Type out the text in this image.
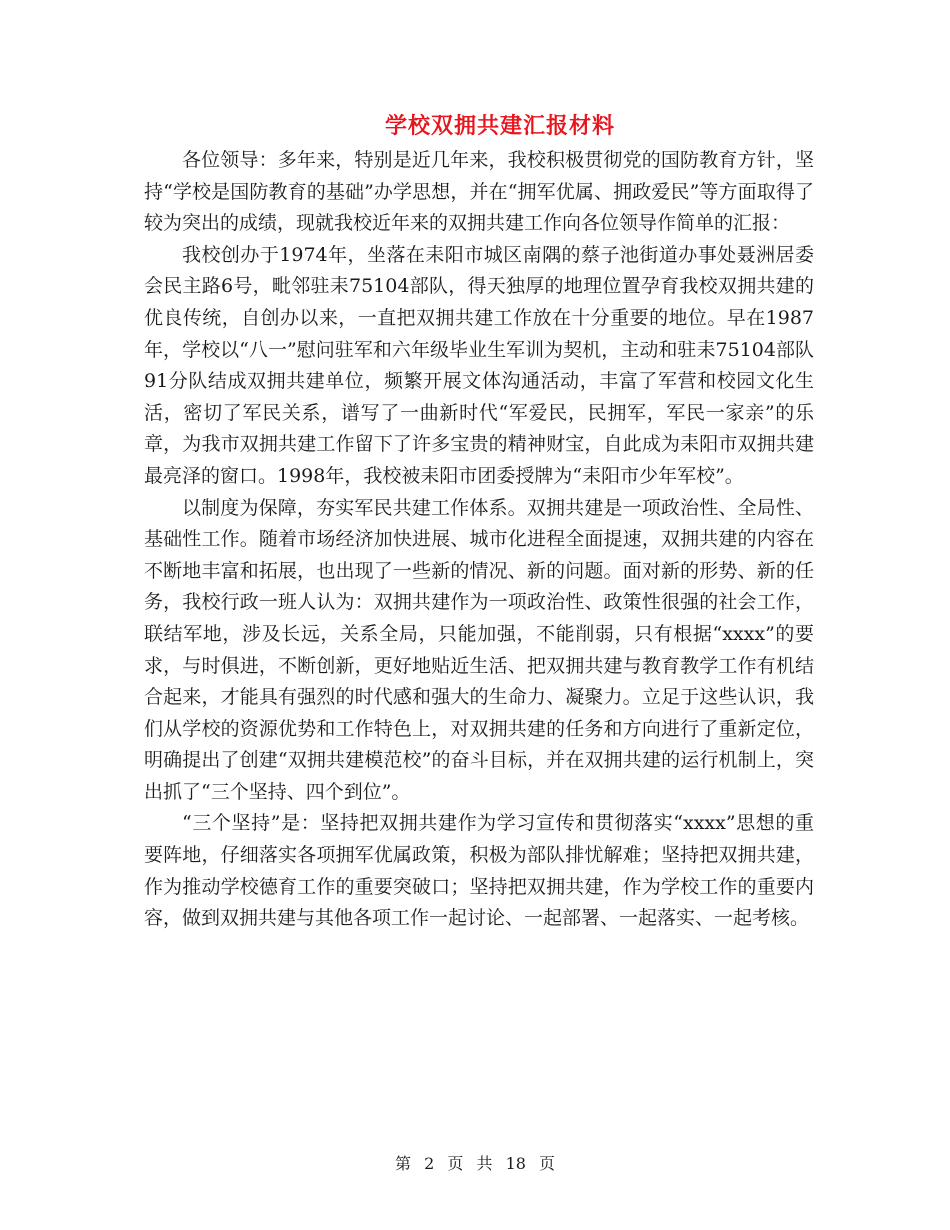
学校双拥共建汇报材料

各位领导：多年来，特别是近几年来，我校积极贯彻党的国防教育方针，坚持“学校是国防教育的基础”办学思想，并在“拥军优属、拥政爱民”等方面取得了较为突出的成绩，现就我校近年来的双拥共建工作向各位领导作简单的汇报：

我校创办于1974年，坐落在耒阳市城区南隅的蔡子池街道办事处聂洲居委会民主路6号，毗邻驻耒75104部队，得天独厚的地理位置孕育我校双拥共建的优良传统，自创办以来，一直把双拥共建工作放在十分重要的地位。早在1987年，学校以“八一”慰问驻军和六年级毕业生军训为契机，主动和驻耒75104部队91分队结成双拥共建单位，频繁开展文体沟通活动，丰富了军营和校园文化生活，密切了军民关系，谱写了一曲新时代“军爱民，民拥军，军民一家亲”的乐章，为我市双拥共建工作留下了许多宝贵的精神财宝，自此成为耒阳市双拥共建最亮泽的窗口。1998年，我校被耒阳市团委授牌为“耒阳市少年军校”。

以制度为保障，夯实军民共建工作体系。双拥共建是一项政治性、全局性、基础性工作。随着市场经济加快进展、城市化进程全面提速，双拥共建的内容在不断地丰富和拓展，也出现了一些新的情况、新的问题。面对新的形势、新的任务，我校行政一班人认为：双拥共建作为一项政治性、政策性很强的社会工作，联结军地，涉及长远，关系全局，只能加强，不能削弱，只有根据“xxxx”的要求，与时俱进，不断创新，更好地贴近生活、把双拥共建与教育教学工作有机结合起来，才能具有强烈的时代感和强大的生命力、凝聚力。立足于这些认识，我们从学校的资源优势和工作特色上，对双拥共建的任务和方向进行了重新定位，明确提出了创建“双拥共建模范校”的奋斗目标，并在双拥共建的运行机制上，突出抓了“三个坚持、四个到位”。

“三个坚持”是：坚持把双拥共建作为学习宣传和贯彻落实“xxxx”思想的重要阵地，仔细落实各项拥军优属政策，积极为部队排忧解难；坚持把双拥共建，作为推动学校德育工作的重要突破口；坚持把双拥共建，作为学校工作的重要内容，做到双拥共建与其他各项工作一起讨论、一起部署、一起落实、一起考核。

第 2 页 共 18 页
